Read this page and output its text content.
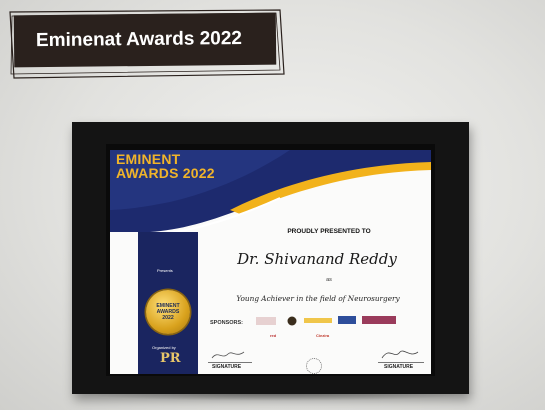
Eminenat Awards 2022
EMINENT
AWARDS 2022
Presents
EMINENT
AWARDS
2022
Organized by
PR
PROUDLY PRESENTED TO
Dr. Shivanand Reddy
as
Young Achiever in the field of Neurosurgery
SPONSORS:
red	Ciezira
SIGNATURE	SIGNATURE
